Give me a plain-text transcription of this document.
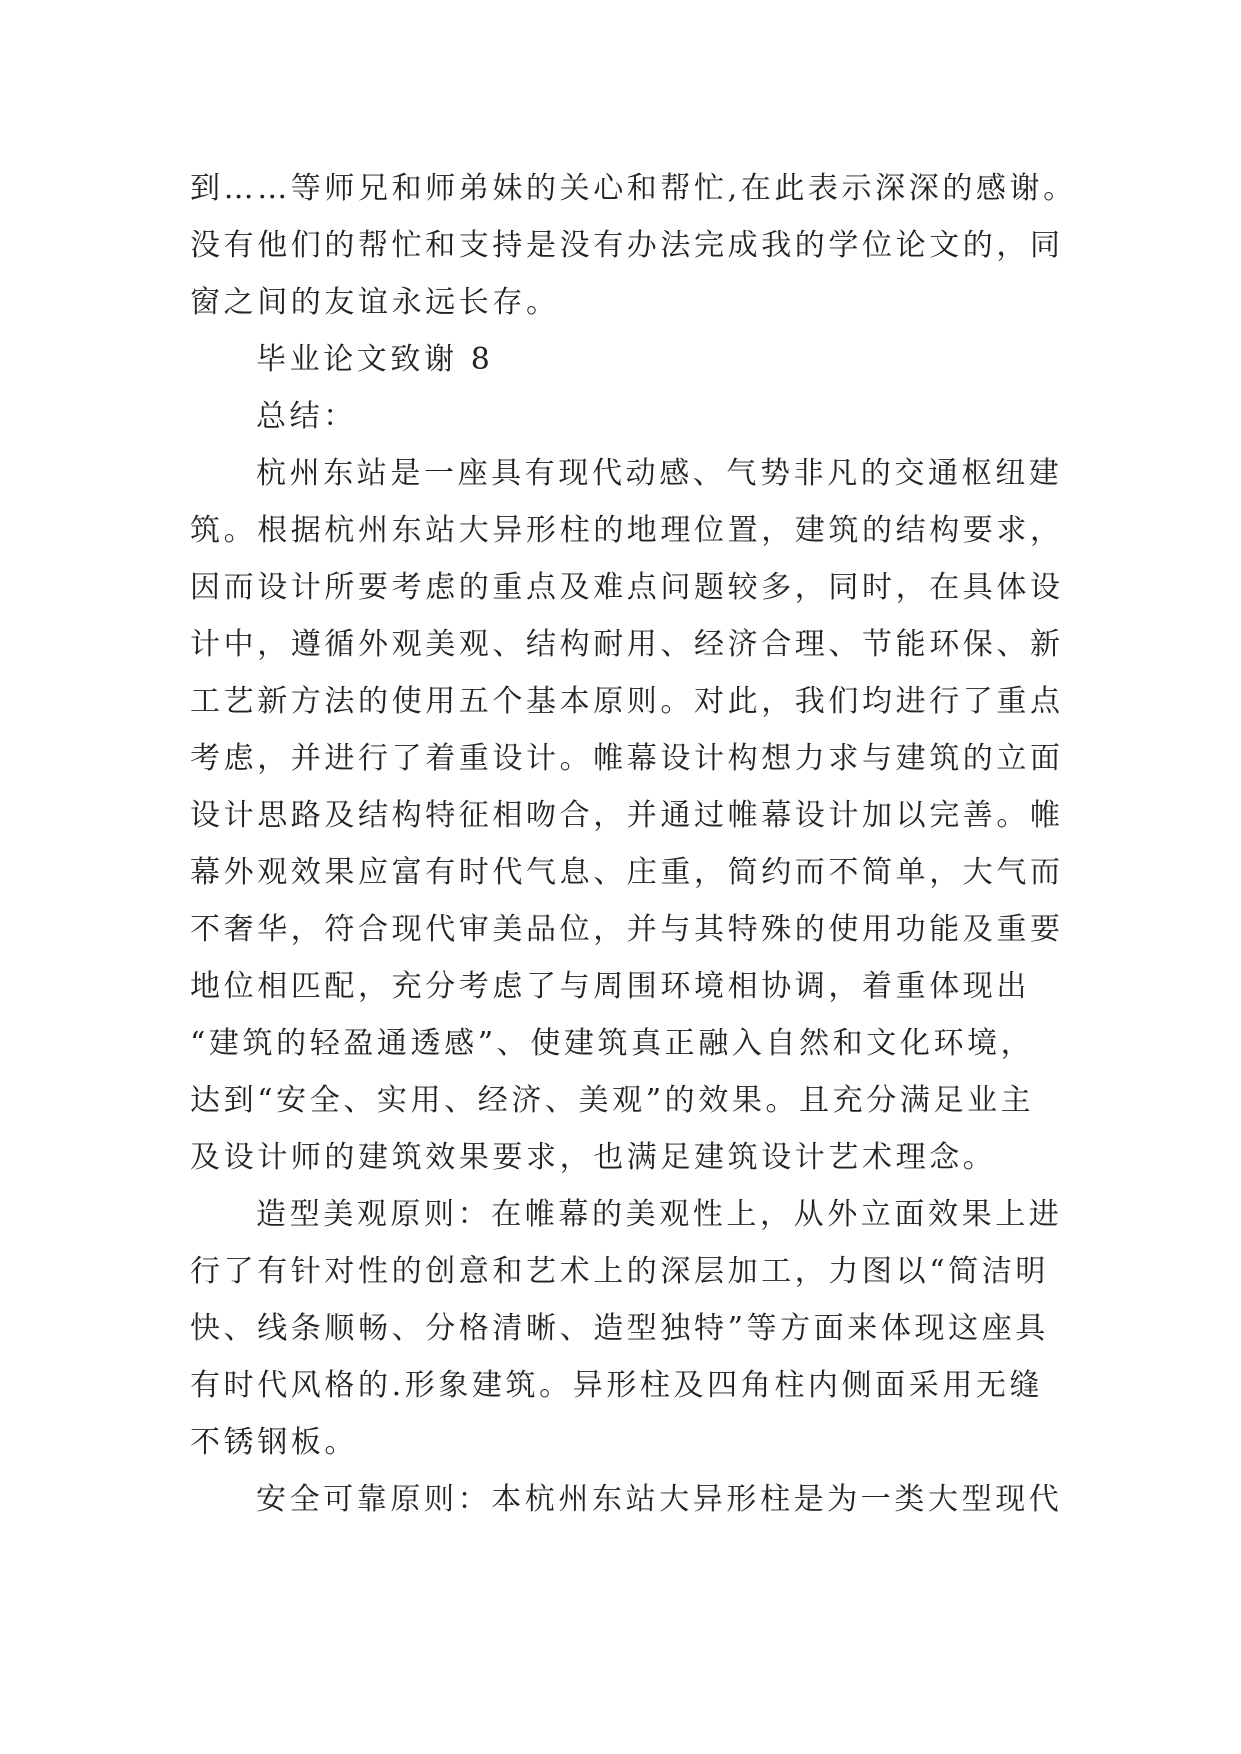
到……等师兄和师弟妹的关心和帮忙,在此表示深深的感谢。
没有他们的帮忙和支持是没有办法完成我的学位论文的，同
窗之间的友谊永远长存。
毕业论文致谢 8
总结：
杭州东站是一座具有现代动感、气势非凡的交通枢纽建
筑。根据杭州东站大异形柱的地理位置，建筑的结构要求，
因而设计所要考虑的重点及难点问题较多，同时，在具体设
计中，遵循外观美观、结构耐用、经济合理、节能环保、新
工艺新方法的使用五个基本原则。对此，我们均进行了重点
考虑，并进行了着重设计。帷幕设计构想力求与建筑的立面
设计思路及结构特征相吻合，并通过帷幕设计加以完善。帷
幕外观效果应富有时代气息、庄重，简约而不简单，大气而
不奢华，符合现代审美品位，并与其特殊的使用功能及重要
地位相匹配，充分考虑了与周围环境相协调，着重体现出
“建筑的轻盈通透感”、使建筑真正融入自然和文化环境，
达到“安全、实用、经济、美观”的效果。且充分满足业主
及设计师的建筑效果要求，也满足建筑设计艺术理念。
造型美观原则：在帷幕的美观性上，从外立面效果上进
行了有针对性的创意和艺术上的深层加工，力图以“简洁明
快、线条顺畅、分格清晰、造型独特”等方面来体现这座具
有时代风格的.形象建筑。异形柱及四角柱内侧面采用无缝
不锈钢板。
安全可靠原则：本杭州东站大异形柱是为一类大型现代
